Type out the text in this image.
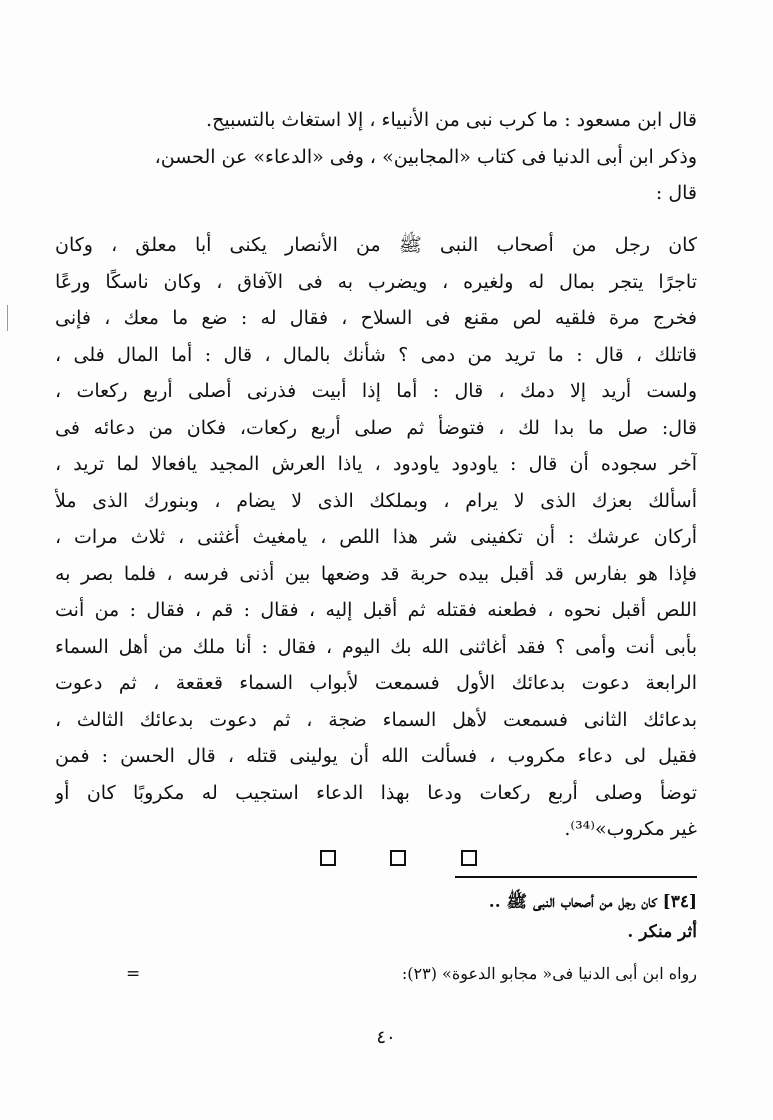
قال ابن مسعود : ما كرب نبى من الأنبياء ، إلا استغاث بالتسبيح.
وذكر ابن أبى الدنيا فى كتاب «المجابين» ، وفى «الدعاء» عن الحسن،
قال :
كان رجل من أصحاب النبى ﷺ من الأنصار يكنى أبا معلق ، وكان
تاجرًا يتجر بمال له ولغيره ، ويضرب به فى الآفاق ، وكان ناسكًا ورعًا
فخرج مرة فلقيه لص مقنع فى السلاح ، فقال له : ضع ما معك ، فإنى
قاتلك ، قال : ما تريد من دمى ؟ شأنك بالمال ، قال : أما المال فلى ،
ولست أريد إلا دمك ، قال : أما إذا أبيت فذرنى أصلى أربع ركعات ،
قال: صل ما بدا لك ، فتوضأ ثم صلى أربع ركعات، فكان من دعائه فى
آخر سجوده أن قال : ياودود ياودود ، ياذا العرش المجيد يافعالا لما تريد ،
أسألك بعزك الذى لا يرام ، وبملكك الذى لا يضام ، وبنورك الذى ملأ
أركان عرشك : أن تكفينى شر هذا اللص ، يامغيث أغثنى ، ثلاث مرات ،
فإذا هو بفارس قد أقبل بيده حربة قد وضعها بين أذنى فرسه ، فلما بصر به
اللص أقبل نحوه ، فطعنه فقتله ثم أقبل إليه ، فقال : قم ، فقال : من أنت
بأبى أنت وأمى ؟ فقد أغاثنى الله بك اليوم ، فقال : أنا ملك من أهل السماء
الرابعة دعوت بدعائك الأول فسمعت لأبواب السماء قعقعة ، ثم دعوت
بدعائك الثانى فسمعت لأهل السماء ضجة ، ثم دعوت بدعائك الثالث ،
فقيل لى دعاء مكروب ، فسألت الله أن يولينى قتله ، قال الحسن : فمن
توضأ وصلى أربع ركعات ودعا بهذا الدعاء استجيب له مكروبًا كان أو
غير مكروب»⁽³⁴⁾.
[٣٤] كان رجل من أصحاب النبى ﷺ ..
أثر منكر .
رواه ابن أبى الدنيا فى« مجابو الدعوة» (٢٣):
=
٤٠
